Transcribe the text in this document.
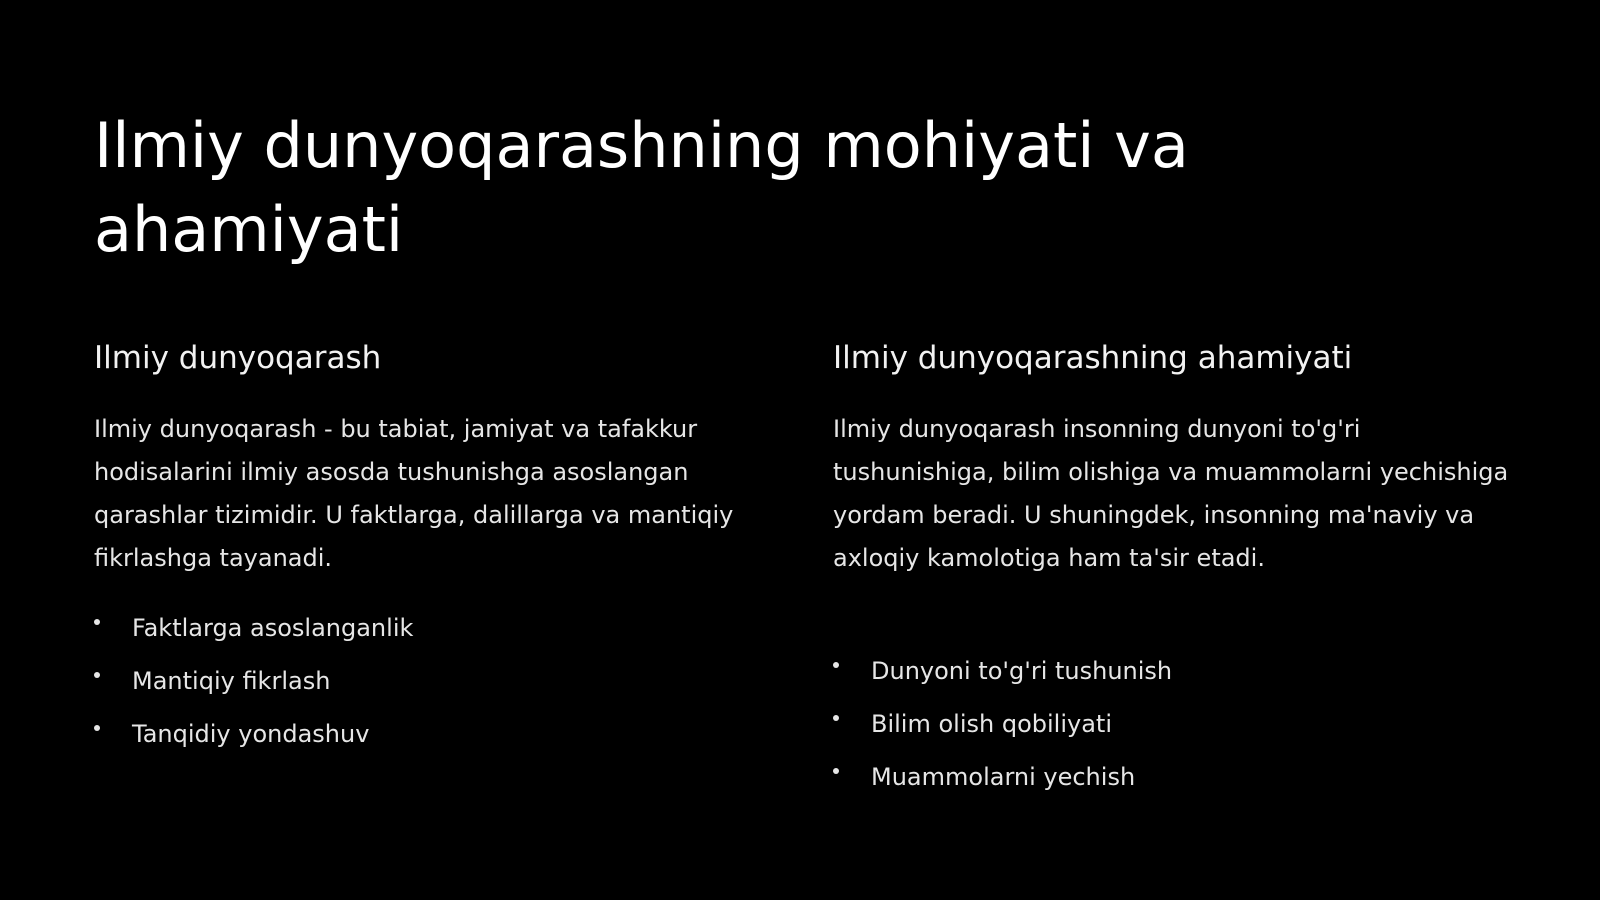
Ilmiy dunyoqarashning mohiyati va ahamiyati
Ilmiy dunyoqarash

Ilmiy dunyoqarash - bu tabiat, jamiyat va tafakkur hodisalarini ilmiy asosda tushunishga asoslangan qarashlar tizimidir. U faktlarga, dalillarga va mantiqiy fikrlashga tayanadi.

Faktlarga asoslanganlik
Mantiqiy fikrlash
Tanqidiy yondashuv
Ilmiy dunyoqarashning ahamiyati

Ilmiy dunyoqarash insonning dunyoni to'g'ri tushunishiga, bilim olishiga va muammolarni yechishiga yordam beradi. U shuningdek, insonning ma'naviy va axloqiy kamolotiga ham ta'sir etadi.

Dunyoni to'g'ri tushunish
Bilim olish qobiliyati
Muammolarni yechish
